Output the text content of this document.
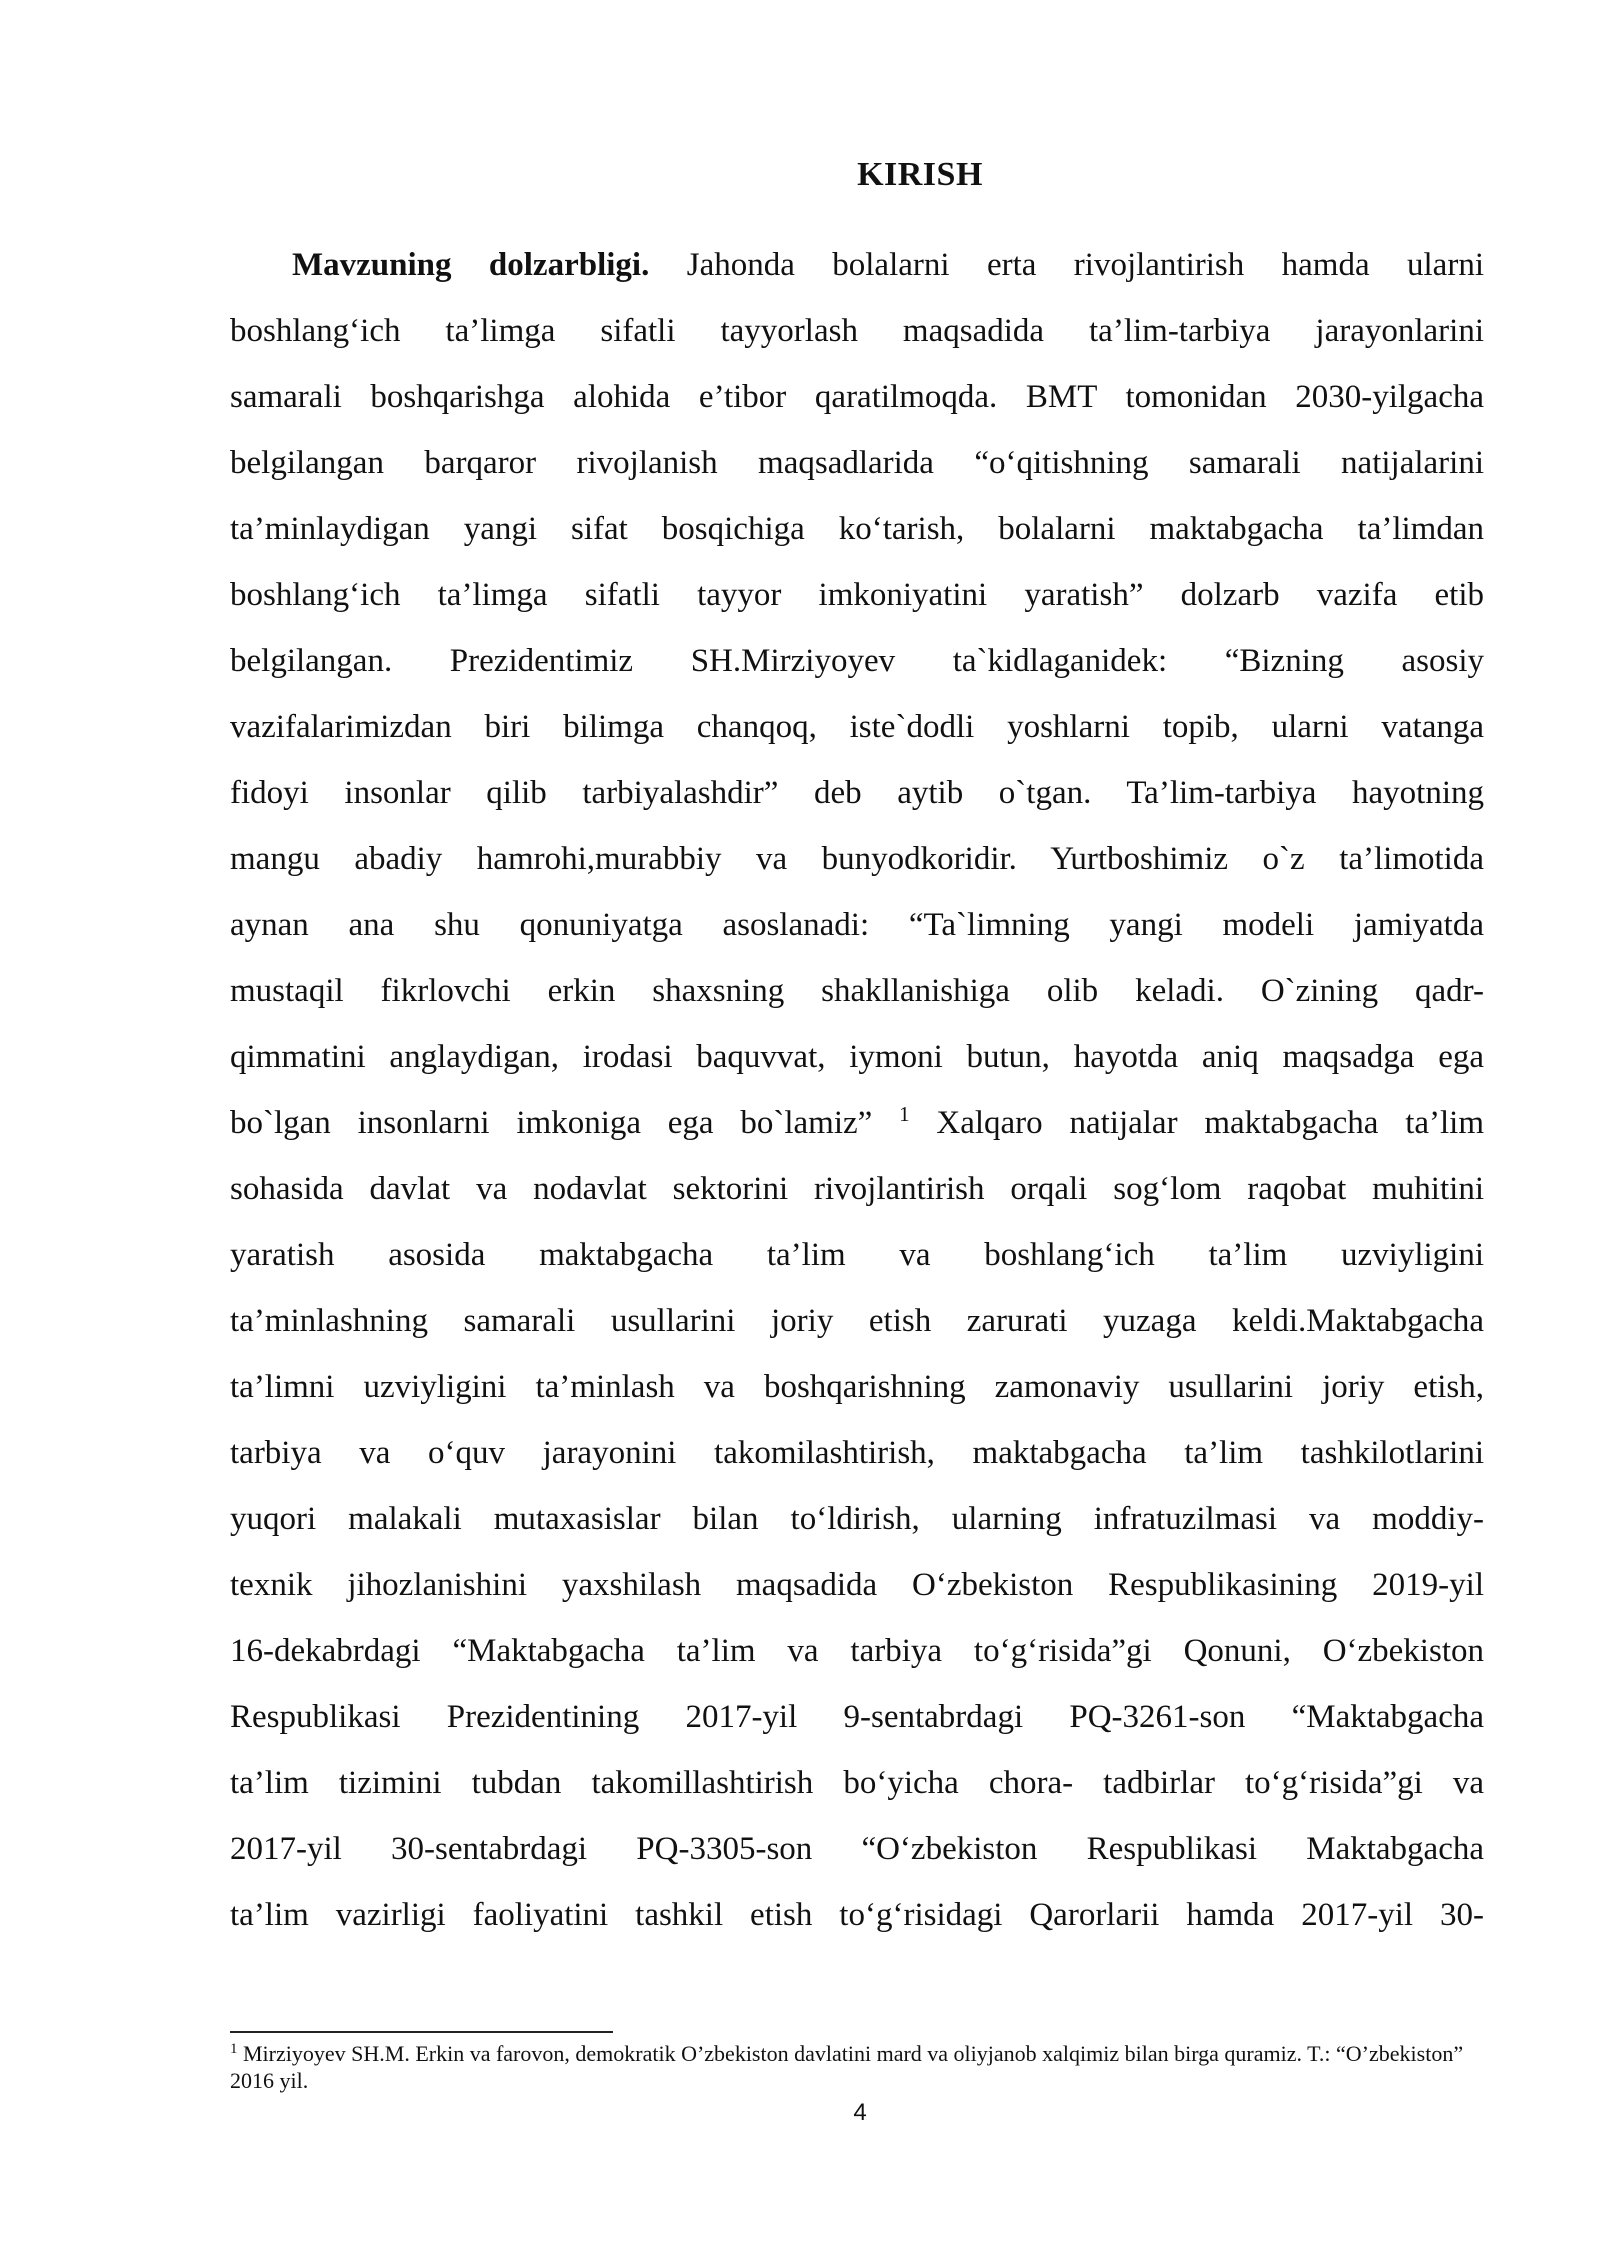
KIRISH
Mavzuning dolzarbligi. Jahonda bolalarni erta rivojlantirish hamda ularni
boshlang‘ich ta’limga sifatli tayyorlash maqsadida ta’lim-tarbiya jarayonlarini
samarali boshqarishga alohida e’tibor qaratilmoqda. BMT tomonidan 2030-yilgacha
belgilangan barqaror rivojlanish maqsadlarida “o‘qitishning samarali natijalarini
ta’minlaydigan yangi sifat bosqichiga ko‘tarish, bolalarni maktabgacha ta’limdan
boshlang‘ich ta’limga sifatli tayyor imkoniyatini yaratish” dolzarb vazifa etib
belgilangan. Prezidentimiz SH.Mirziyoyev ta`kidlaganidek: “Bizning asosiy
vazifalarimizdan biri bilimga chanqoq, iste`dodli yoshlarni topib, ularni vatanga
fidoyi insonlar qilib tarbiyalashdir” deb aytib o`tgan. Ta’lim-tarbiya hayotning
mangu abadiy hamrohi,murabbiy va bunyodkoridir. Yurtboshimiz o`z ta’limotida
aynan ana shu qonuniyatga asoslanadi: “Ta`limning yangi modeli jamiyatda
mustaqil fikrlovchi erkin shaxsning shakllanishiga olib keladi. O`zining qadr-
qimmatini anglaydigan, irodasi baquvvat, iymoni butun, hayotda aniq maqsadga ega
bo`lgan insonlarni imkoniga ega bo`lamiz” $^1$ Xalqaro natijalar maktabgacha ta’lim
sohasida davlat va nodavlat sektorini rivojlantirish orqali sog‘lom raqobat muhitini
yaratish asosida maktabgacha ta’lim va boshlang‘ich ta’lim uzviyligini
ta’minlashning samarali usullarini joriy etish zarurati yuzaga keldi.Maktabgacha
ta’limni uzviyligini ta’minlash va boshqarishning zamonaviy usullarini joriy etish,
tarbiya va o‘quv jarayonini takomilashtirish, maktabgacha ta’lim tashkilotlarini
yuqori malakali mutaxasislar bilan to‘ldirish, ularning infratuzilmasi va moddiy-
texnik jihozlanishini yaxshilash maqsadida O‘zbekiston Respublikasining 2019-yil
16-dekabrdagi “Maktabgacha ta’lim va tarbiya to‘g‘risida”gi Qonuni, O‘zbekiston
Respublikasi Prezidentining 2017-yil 9-sentabrdagi PQ-3261-son “Maktabgacha
ta’lim tizimini tubdan takomillashtirish bo‘yicha chora- tadbirlar to‘g‘risida”gi va
2017-yil 30-sentabrdagi PQ-3305-son “O‘zbekiston Respublikasi Maktabgacha
ta’lim vazirligi faoliyatini tashkil etish to‘g‘risidagi Qarorlarii hamda 2017-yil 30-

$^1$ Mirziyoyev SH.M. Erkin va farovon, demokratik O’zbekiston davlatini mard va oliyjanob xalqimiz bilan birga quramiz. T.: “O’zbekiston” 2016 yil.

4
